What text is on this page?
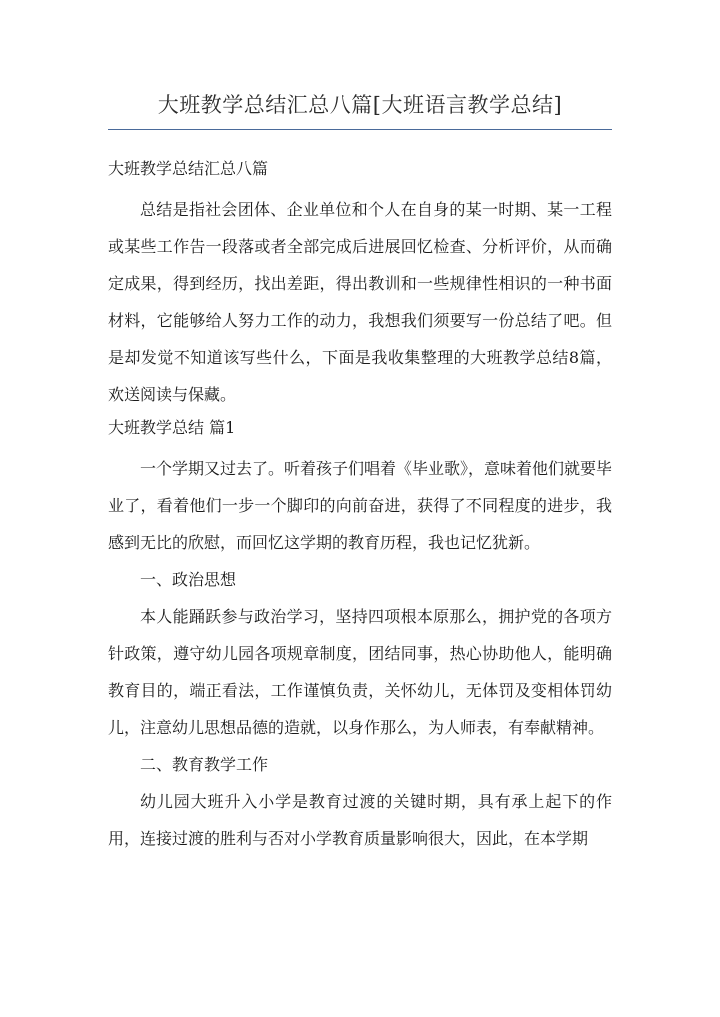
大班教学总结汇总八篇[大班语言教学总结]

大班教学总结汇总八篇

总结是指社会团体、企业单位和个人在自身的某一时期、某一工程或某些工作告一段落或者全部完成后进展回忆检查、分析评价，从而确定成果，得到经历，找出差距，得出教训和一些规律性相识的一种书面材料，它能够给人努力工作的动力，我想我们须要写一份总结了吧。但是却发觉不知道该写些什么，下面是我收集整理的大班教学总结8篇，欢送阅读与保藏。

大班教学总结 篇1

一个学期又过去了。听着孩子们唱着《毕业歌》，意味着他们就要毕业了，看着他们一步一个脚印的向前奋进，获得了不同程度的进步，我感到无比的欣慰，而回忆这学期的教育历程，我也记忆犹新。

一、政治思想

本人能踊跃参与政治学习，坚持四项根本原那么，拥护党的各项方针政策，遵守幼儿园各项规章制度，团结同事，热心协助他人，能明确教育目的，端正看法，工作谨慎负责，关怀幼儿，无体罚及变相体罚幼儿，注意幼儿思想品德的造就，以身作那么，为人师表，有奉献精神。

二、教育教学工作

幼儿园大班升入小学是教育过渡的关键时期，具有承上起下的作用，连接过渡的胜利与否对小学教育质量影响很大，因此，在本学期
